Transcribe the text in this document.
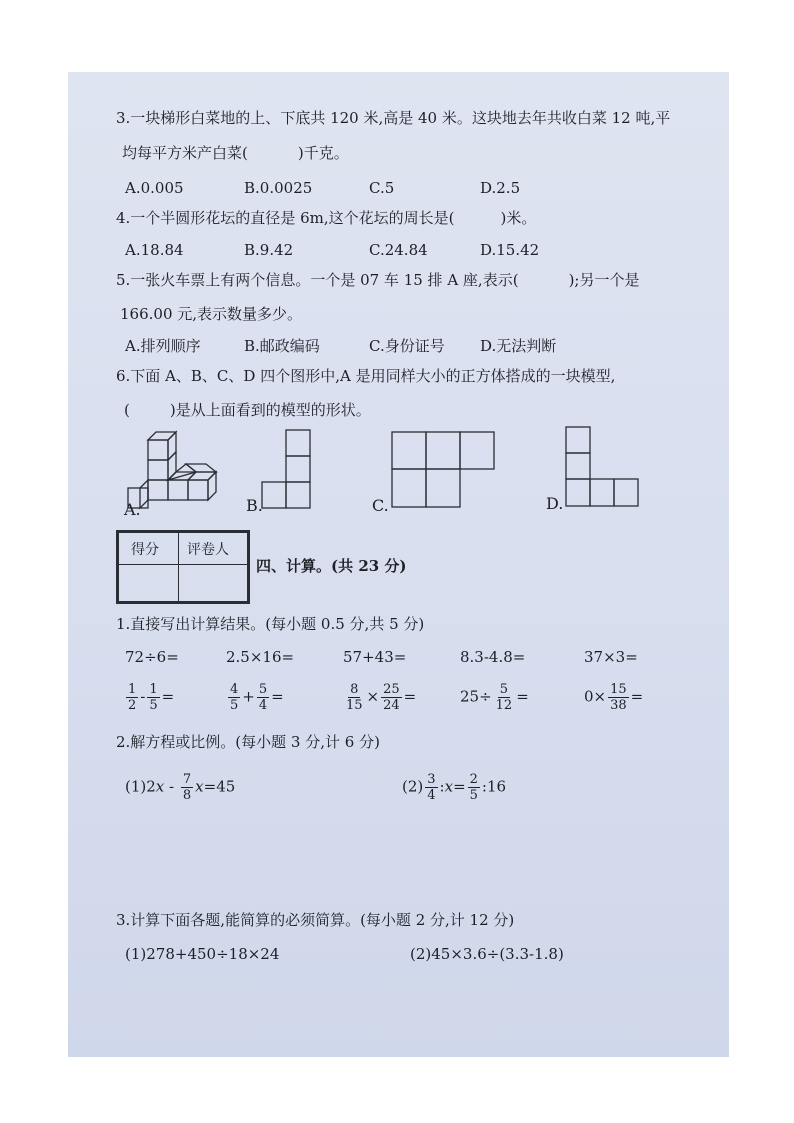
3.一块梯形白菜地的上、下底共 120 米,高是 40 米。这块地去年共收白菜 12 吨,平
均每平方米产白菜(	)千克。
A.0.005	B.0.0025	C.5	D.2.5
4.一个半圆形花坛的直径是 6m,这个花坛的周长是(	)米。
A.18.84	B.9.42	C.24.84	D.15.42
5.一张火车票上有两个信息。一个是 07 车 15 排 A 座,表示(	);另一个是
166.00 元,表示数量多少。
A.排列顺序	B.邮政编码	C.身份证号 D.无法判断
6.下面 A、B、C、D 四个图形中,A 是用同样大小的正方体搭成的一块模型,
(	)是从上面看到的模型的形状。
A.	B.	C.	D.
得分 评卷人
四、计算。(共 23 分)
1.直接写出计算结果。(每小题 0.5 分,共 5 分)
72÷6=	2.5×16=	57+43=	8.3-4.8=	37×3=
$\frac{1}{2} - \frac{1}{5}$ =	$\frac{4}{5} + \frac{5}{4}$ =	$\frac{8}{15} \times \frac{25}{24}$ =	$25\div \frac{5}{12}$ =	$0\times \frac{15}{38}$ =
2.解方程或比例。(每小题 3 分,计 6 分)
$(1)2x - \frac{7}{8} x=45$	$(2) \frac{3}{4}$ :x= $\frac{2}{5}$ :16
3.计算下面各题,能简算的必须简算。(每小题 2 分,计 12 分)
(1)278+450÷18×24	(2)45×3.6÷(3.3-1.8)
